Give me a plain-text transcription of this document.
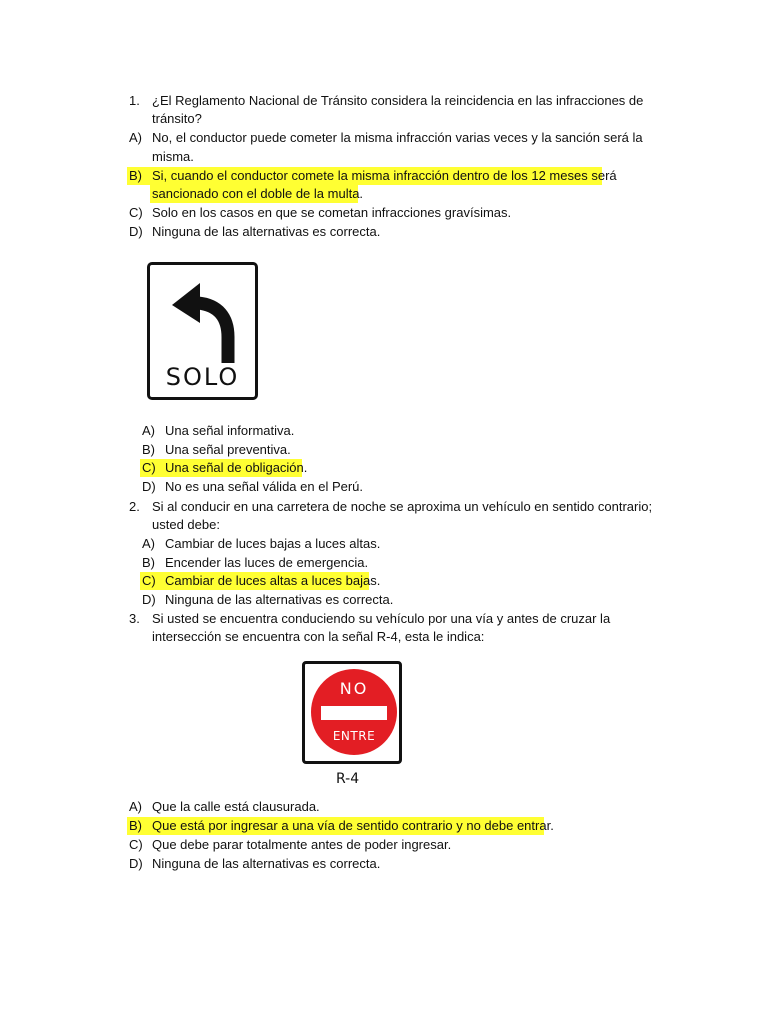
1. ¿El Reglamento Nacional de Tránsito considera la reincidencia en las infracciones de
tránsito?
A) No, el conductor puede cometer la misma infracción varias veces y la sanción será la
misma.
B) Si, cuando el conductor comete la misma infracción dentro de los 12 meses será
sancionado con el doble de la multa.
C) Solo en los casos en que se cometan infracciones gravísimas.
D) Ninguna de las alternativas es correcta.
SOLO
A) Una señal informativa.
B) Una señal preventiva.
C) Una señal de obligación.
D) No es una señal válida en el Perú.
2. Si al conducir en una carretera de noche se aproxima un vehículo en sentido contrario;
usted debe:
A) Cambiar de luces bajas a luces altas.
B) Encender las luces de emergencia.
C) Cambiar de luces altas a luces bajas.
D) Ninguna de las alternativas es correcta.
3. Si usted se encuentra conduciendo su vehículo por una vía y antes de cruzar la
intersección se encuentra con la señal R-4, esta le indica:
NO
ENTRE
R-4
A) Que la calle está clausurada.
B) Que está por ingresar a una vía de sentido contrario y no debe entrar.
C) Que debe parar totalmente antes de poder ingresar.
D) Ninguna de las alternativas es correcta.
